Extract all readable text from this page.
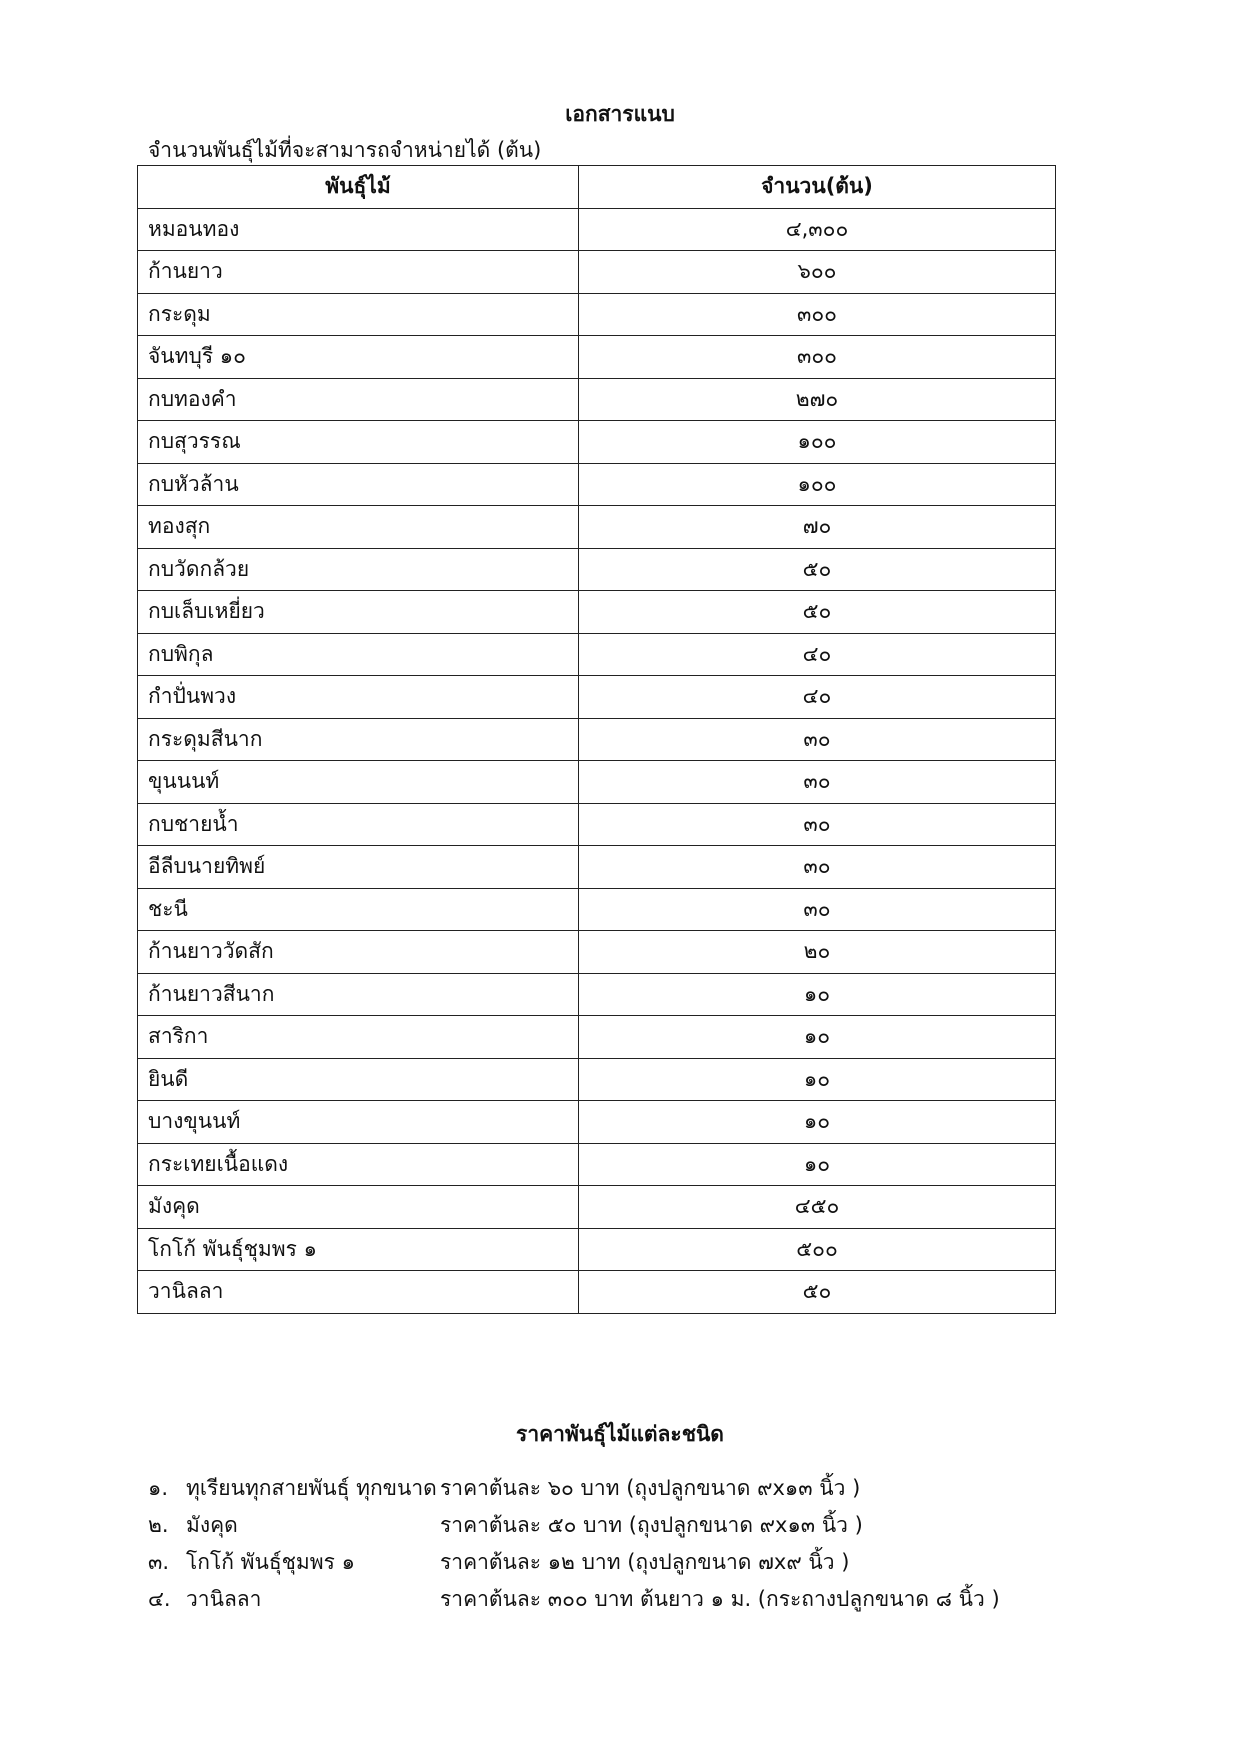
เอกสารแนบ
จำนวนพันธุ์ไม้ที่จะสามารถจำหน่ายได้ (ต้น)
พันธุ์ไม้	จำนวน(ต้น)
หมอนทอง	๔,๓๐๐
ก้านยาว	๖๐๐
กระดุม	๓๐๐
จันทบุรี ๑๐	๓๐๐
กบทองคำ	๒๗๐
กบสุวรรณ	๑๐๐
กบหัวล้าน	๑๐๐
ทองสุก	๗๐
กบวัดกล้วย	๕๐
กบเล็บเหยี่ยว	๕๐
กบพิกุล	๔๐
กำปั่นพวง	๔๐
กระดุมสีนาก	๓๐
ขุนนนท์	๓๐
กบชายน้ำ	๓๐
อีลีบนายทิพย์	๓๐
ชะนี	๓๐
ก้านยาววัดสัก	๒๐
ก้านยาวสีนาก	๑๐
สาริกา	๑๐
ยินดี	๑๐
บางขุนนท์	๑๐
กระเทยเนื้อแดง	๑๐
มังคุด	๔๕๐
โกโก้ พันธุ์ชุมพร ๑	๕๐๐
วานิลลา	๕๐
ราคาพันธุ์ไม้แต่ละชนิด
๑. ทุเรียนทุกสายพันธุ์ ทุกขนาด ราคาต้นละ ๖๐ บาท (ถุงปลูกขนาด ๙x๑๓ นิ้ว )
๒. มังคุด	ราคาต้นละ ๕๐ บาท (ถุงปลูกขนาด ๙x๑๓ นิ้ว )
๓. โกโก้ พันธุ์ชุมพร ๑	ราคาต้นละ ๑๒ บาท (ถุงปลูกขนาด ๗x๙ นิ้ว )
๔. วานิลลา	ราคาต้นละ ๓๐๐ บาท ต้นยาว ๑ ม. (กระถางปลูกขนาด ๘ นิ้ว )
